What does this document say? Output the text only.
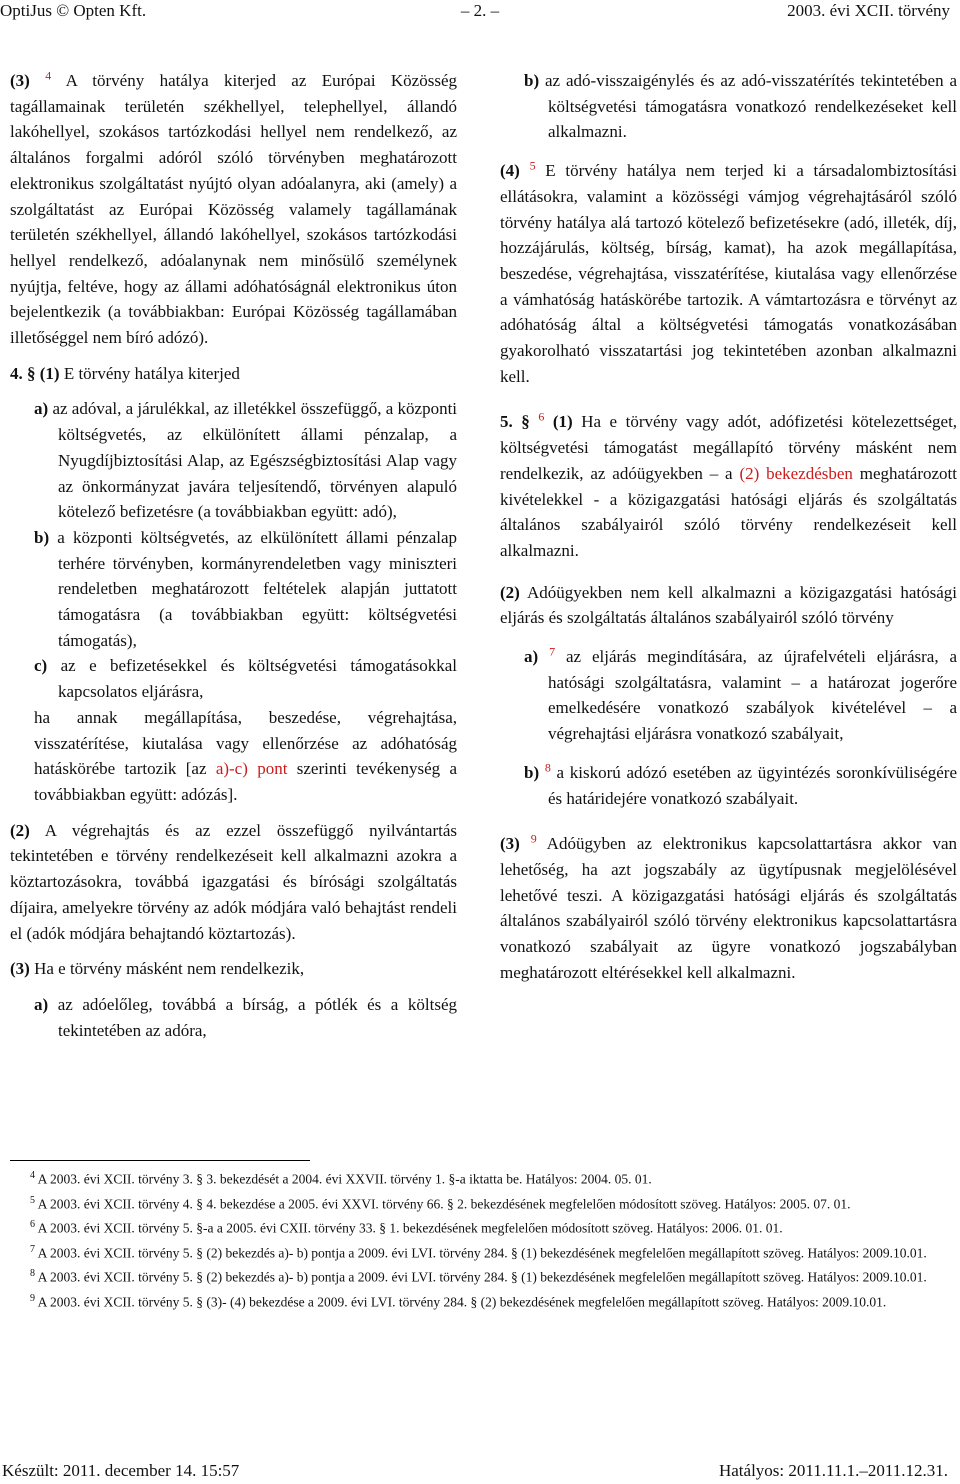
OptiJus © Opten Kft.	– 2. –	2003. évi XCII. törvény

(3) $^4$ A törvény hatálya kiterjed az Európai Közösség tagállamainak területén székhellyel, telephellyel, állandó lakóhellyel, szokásos tartózkodási hellyel nem rendelkező, az általános forgalmi adóról szóló törvényben meghatározott elektronikus szolgáltatást nyújtó olyan adóalanyra, aki (amely) a szolgáltatást az Európai Közösség valamely tagállamának területén székhellyel, állandó lakóhellyel, szokásos tartózkodási hellyel rendelkező, adóalanynak nem minősülő személynek nyújtja, feltéve, hogy az állami adóhatóságnál elektronikus úton bejelentkezik (a továbbiakban: Európai Közösség tagállamában illetőséggel nem bíró adózó).

4. § (1) E törvény hatálya kiterjed

a) az adóval, a járulékkal, az illetékkel összefüggő, a központi költségvetés, az elkülönített állami pénzalap, a Nyugdíjbiztosítási Alap, az Egészségbiztosítási Alap vagy az önkormányzat javára teljesítendő, törvényen alapuló kötelező befizetésre (a továbbiakban együtt: adó),

b) a központi költségvetés, az elkülönített állami pénzalap terhére törvényben, kormányrendeletben vagy miniszteri rendeletben meghatározott feltételek alapján juttatott támogatásra (a továbbiakban együtt: költségvetési támogatás),

c) az e befizetésekkel és költségvetési támogatásokkal kapcsolatos eljárásra,

ha annak megállapítása, beszedése, végrehajtása, visszatérítése, kiutalása vagy ellenőrzése az adóhatóság hatáskörébe tartozik [az a)-c) pont szerinti tevékenység a továbbiakban együtt: adózás].

(2) A végrehajtás és az ezzel összefüggő nyilvántartás tekintetében e törvény rendelkezéseit kell alkalmazni azokra a köztartozásokra, továbbá igazgatási és bírósági szolgáltatás díjaira, amelyekre törvény az adók módjára való behajtást rendeli el (adók módjára behajtandó köztartozás).

(3) Ha e törvény másként nem rendelkezik,

a) az adóelőleg, továbbá a bírság, a pótlék és a költség tekintetében az adóra,

b) az adó-visszaigénylés és az adó-visszatérítés tekintetében a költségvetési támogatásra vonatkozó rendelkezéseket kell alkalmazni.

(4) $^5$ E törvény hatálya nem terjed ki a társadalombiztosítási ellátásokra, valamint a közösségi vámjog végrehajtásáról szóló törvény hatálya alá tartozó kötelező befizetésekre (adó, illeték, díj, hozzájárulás, költség, bírság, kamat), ha azok megállapítása, beszedése, végrehajtása, visszatérítése, kiutalása vagy ellenőrzése a vámhatóság hatáskörébe tartozik. A vámtartozásra e törvényt az adóhatóság által a költségvetési támogatás vonatkozásában gyakorolható visszatartási jog tekintetében azonban alkalmazni kell.

5. § $^6$ (1) Ha e törvény vagy adót, adófizetési kötelezettséget, költségvetési támogatást megállapító törvény másként nem rendelkezik, az adóügyekben – a (2) bekezdésben meghatározott kivételekkel - a közigazgatási hatósági eljárás és szolgáltatás általános szabályairól szóló törvény rendelkezéseit kell alkalmazni.

(2) Adóügyekben nem kell alkalmazni a közigazgatási hatósági eljárás és szolgáltatás általános szabályairól szóló törvény

a) $^7$ az eljárás megindítására, az újrafelvételi eljárásra, a hatósági szolgáltatásra, valamint – a határozat jogerőre emelkedésére vonatkozó szabályok kivételével – a végrehajtási eljárásra vonatkozó szabályait,

b) $^8$ a kiskorú adózó esetében az ügyintézés soronkívüliségére és határidejére vonatkozó szabályait.

(3) $^9$ Adóügyben az elektronikus kapcsolattartásra akkor van lehetőség, ha azt jogszabály az ügytípusnak megjelölésével lehetővé teszi. A közigazgatási hatósági eljárás és szolgáltatás általános szabályairól szóló törvény elektronikus kapcsolattartásra vonatkozó szabályait az ügyre vonatkozó jogszabályban meghatározott eltérésekkel kell alkalmazni.

$^4$ A 2003. évi XCII. törvény 3. § 3. bekezdését a 2004. évi XXVII. törvény 1. §-a iktatta be. Hatályos: 2004. 05. 01.

$^5$ A 2003. évi XCII. törvény 4. § 4. bekezdése a 2005. évi XXVI. törvény 66. § 2. bekezdésének megfelelően módosított szöveg. Hatályos: 2005. 07. 01.

$^6$ A 2003. évi XCII. törvény 5. §-a a 2005. évi CXII. törvény 33. § 1. bekezdésének megfelelően módosított szöveg. Hatályos: 2006. 01. 01.

$^7$ A 2003. évi XCII. törvény 5. § (2) bekezdés a)- b) pontja a 2009. évi LVI. törvény 284. § (1) bekezdésének megfelelően megállapított szöveg. Hatályos: 2009.10.01.

$^8$ A 2003. évi XCII. törvény 5. § (2) bekezdés a)- b) pontja a 2009. évi LVI. törvény 284. § (1) bekezdésének megfelelően megállapított szöveg. Hatályos: 2009.10.01.

$^9$ A 2003. évi XCII. törvény 5. § (3)- (4) bekezdése a 2009. évi LVI. törvény 284. § (2) bekezdésének megfelelően megállapított szöveg. Hatályos: 2009.10.01.

Készült: 2011. december 14. 15:57	Hatályos: 2011.11.1.–2011.12.31.
